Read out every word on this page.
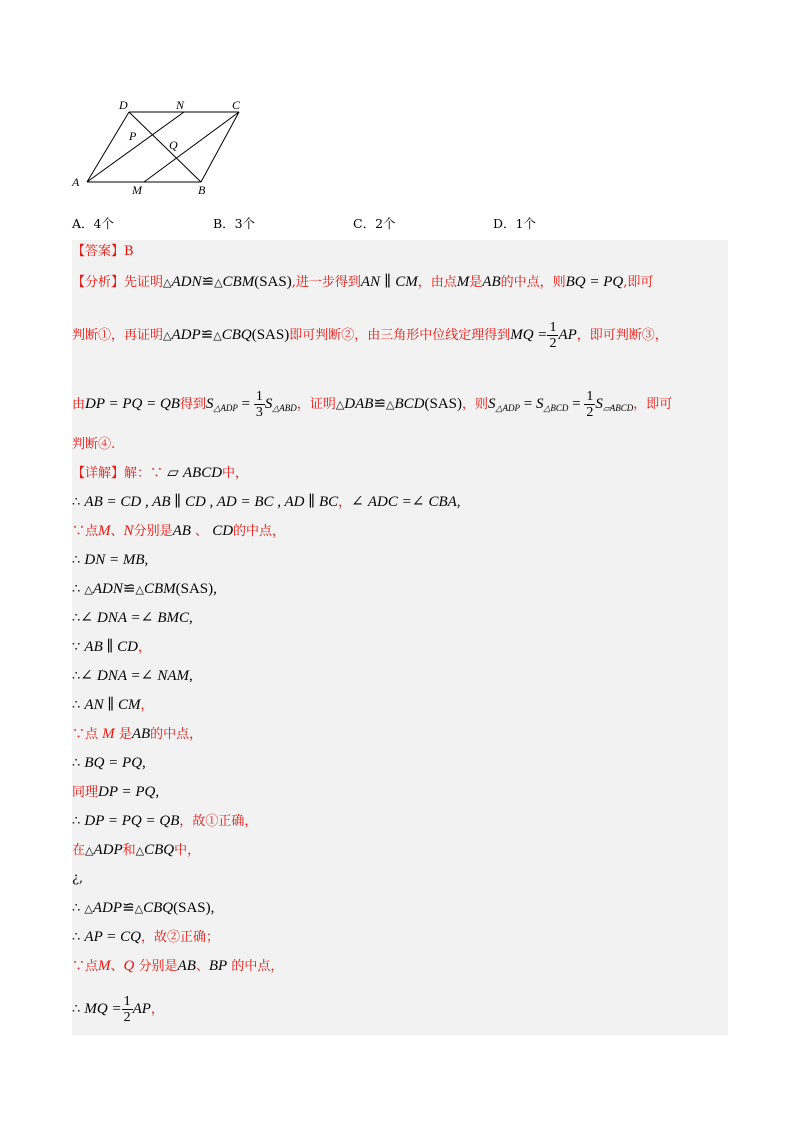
D	N	C
P
Q
A
M	B
A．4个	B．3个	C．2个	D．1个
【答案】B
【分析】先证明△ADN≌△CBM(SAS),进一步得到AN ∥ CM，由点M是AB的中点，则BQ = PQ,即可
判断①，再证明△ADP≌△CBQ(SAS)即可判断②，由三角形中位线定理得到MQ = $\frac{1}{2}$ AP，即可判断③，
由DP = PQ = QB得到$S_{\triangle ADP} = \frac{1}{3} S_{\triangle ABD}$，证明△DAB≌△BCD(SAS)，则$S_{\triangle ADP} = S_{\triangle BCD} = \frac{1}{2} S_{▱ABCD}$，即可
判断④.
【详解】解：∵ ▱ ABCD中，
∴ AB = CD , AB ∥ CD , AD = BC , AD ∥ BC，∠ ADC =∠ CBA,
∵点M、N分别是AB 、 CD的中点，
∴ DN = MB,
∴ △ADN≌△CBM(SAS),
∴∠ DNA =∠ BMC,
∵ AB ∥ CD，
∴∠ DNA =∠ NAM,
∴ AN ∥ CM，
∵点 M 是AB的中点，
∴ BQ = PQ,
同理DP = PQ,
∴ DP = PQ = QB，故①正确，
在△ADP和△CBQ中，
¿,
∴ △ADP≌△CBQ(SAS),
∴ AP = CQ，故②正确；
∵点M、Q 分别是AB、BP 的中点，
∴ MQ = $\frac{1}{2}$ AP，
